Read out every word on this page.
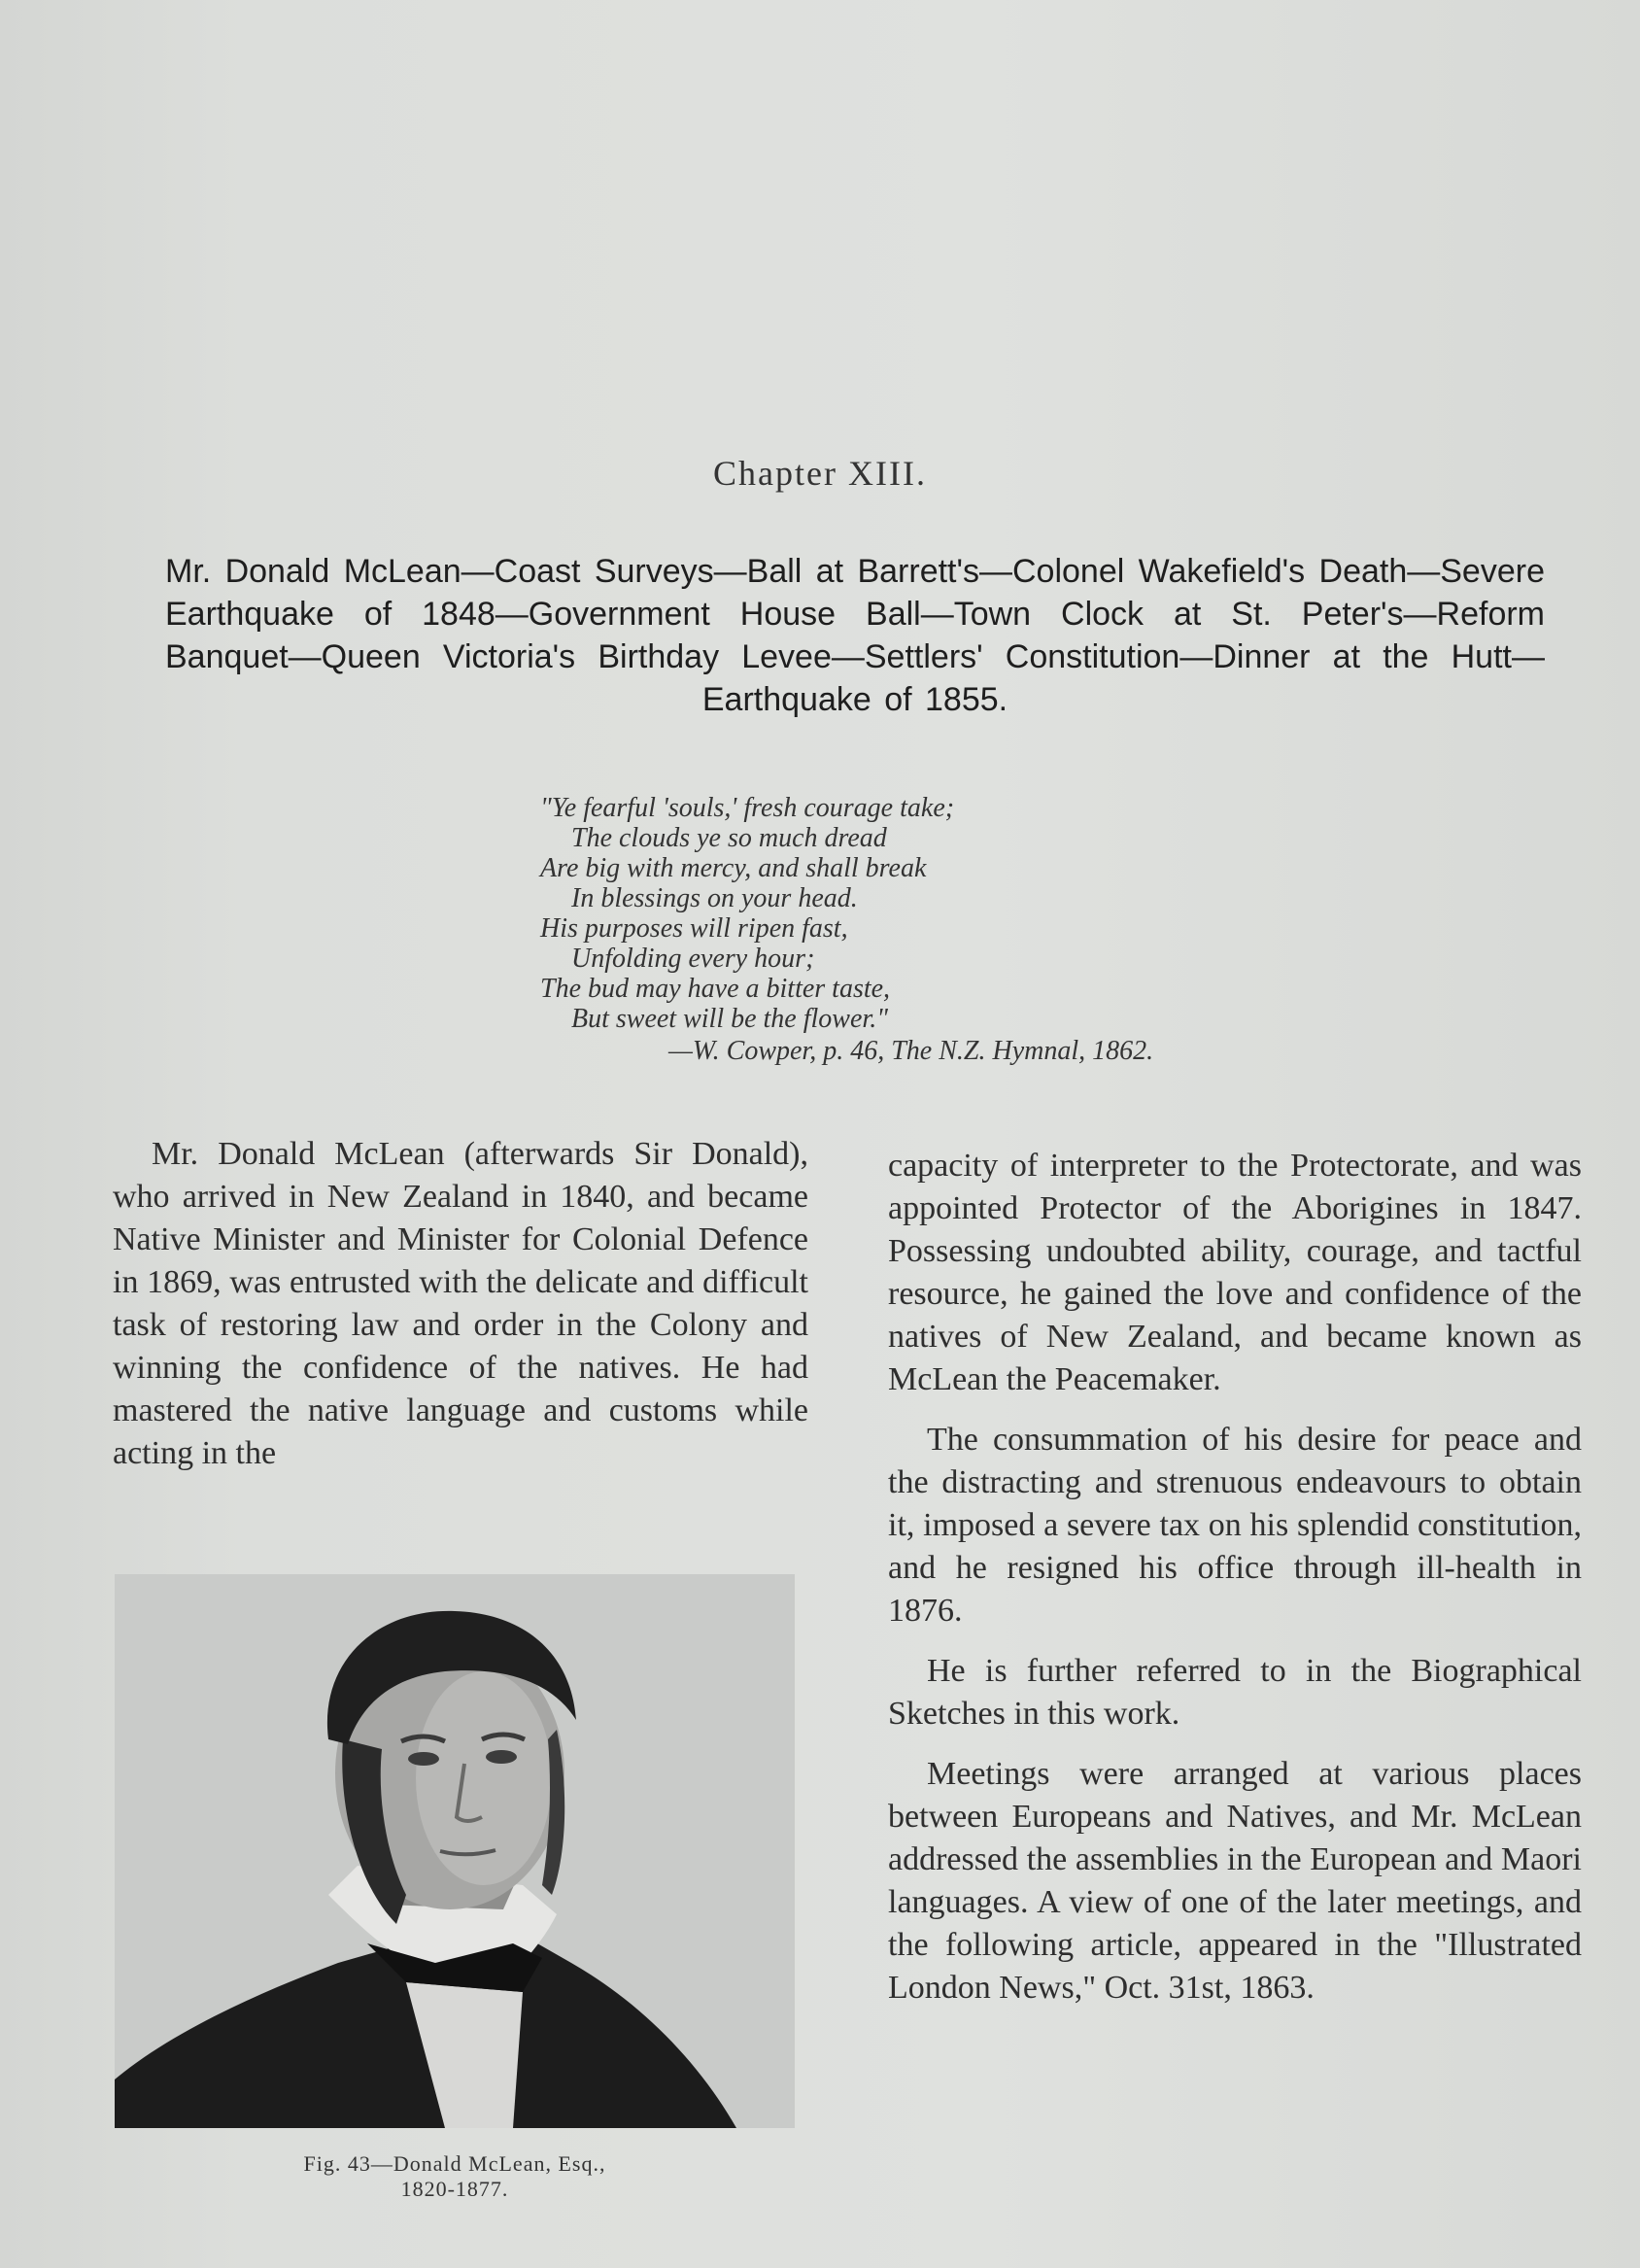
Chapter XIII.
Mr. Donald McLean—Coast Surveys—Ball at Barrett's—Colonel Wakefield's Death—Severe Earthquake of 1848—Government House Ball—Town Clock at St. Peter's—Reform Banquet—Queen Victoria's Birthday Levee—Settlers' Constitution—Dinner at the Hutt—Earthquake of 1855.
"Ye fearful 'souls,' fresh courage take;
The clouds ye so much dread
Are big with mercy, and shall break
In blessings on your head.
His purposes will ripen fast,
Unfolding every hour;
The bud may have a bitter taste,
But sweet will be the flower."
—W. Cowper, p. 46, The N.Z. Hymnal, 1862.

Mr. Donald McLean (afterwards Sir Donald), who arrived in New Zealand in 1840, and became Native Minister and Minister for Colonial Defence in 1869, was entrusted with the delicate and difficult task of restoring law and order in the Colony and winning the confidence of the natives. He had mastered the native language and customs while acting in the

Fig. 43—Donald McLean, Esq.,
1820-1877.

capacity of interpreter to the Protectorate, and was appointed Protector of the Aborigines in 1847. Possessing undoubted ability, courage, and tactful resource, he gained the love and confidence of the natives of New Zealand, and became known as McLean the Peacemaker.

The consummation of his desire for peace and the distracting and strenuous endeavours to obtain it, imposed a severe tax on his splendid constitution, and he resigned his office through ill-health in 1876.

He is further referred to in the Biographical Sketches in this work.

Meetings were arranged at various places between Europeans and Natives, and Mr. McLean addressed the assemblies in the European and Maori languages. A view of one of the later meetings, and the following article, appeared in the "Illustrated London News," Oct. 31st, 1863.
